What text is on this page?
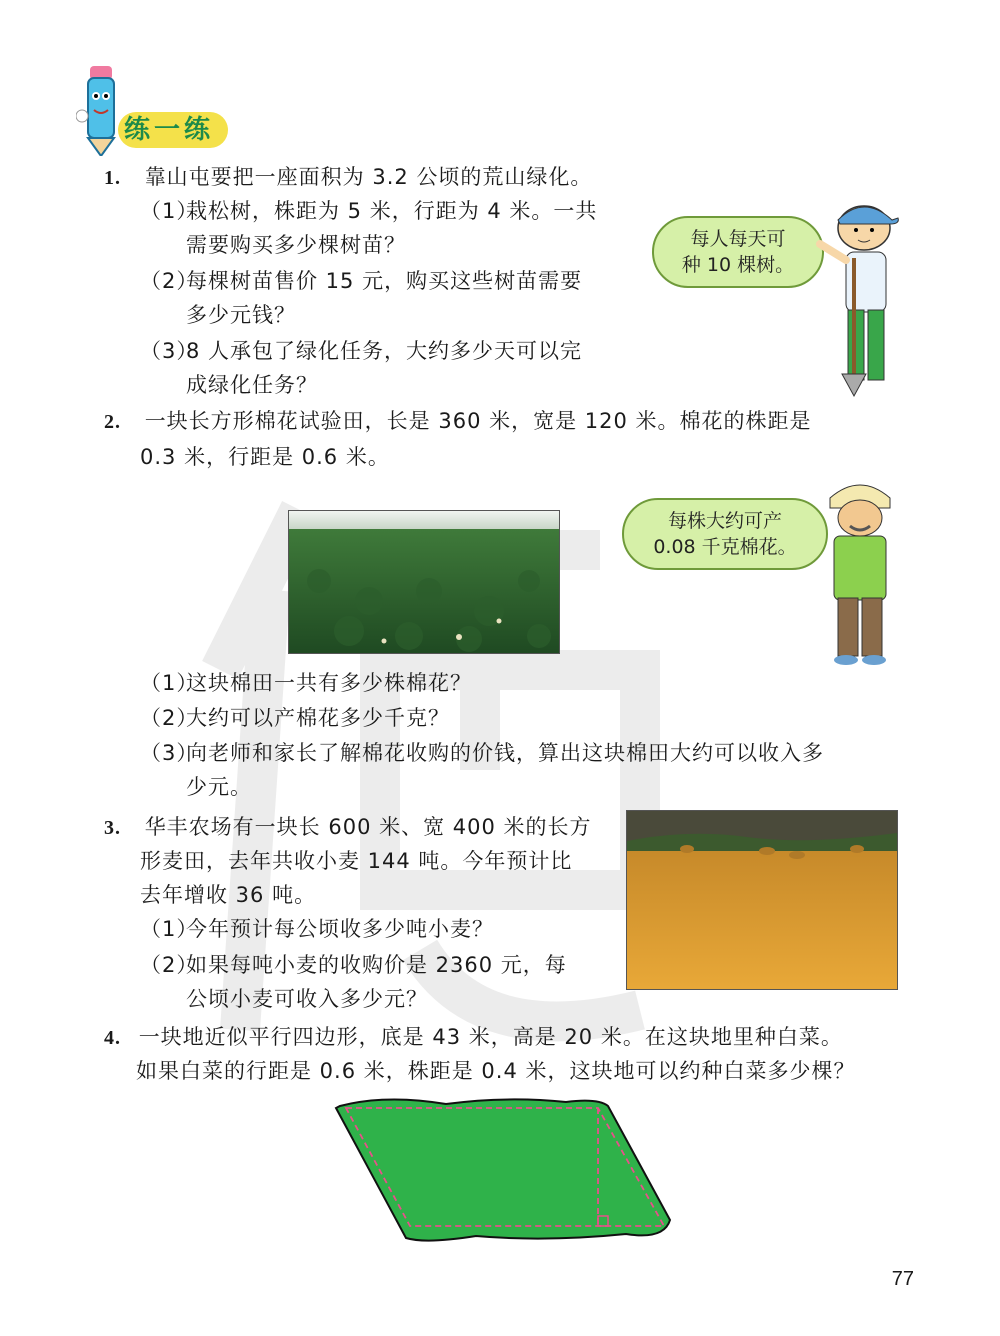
练一练
1. 靠山屯要把一座面积为 3.2 公顷的荒山绿化。
（1）栽松树，株距为 5 米，行距为 4 米。一共
需要购买多少棵树苗？
（2）每棵树苗售价 15 元，购买这些树苗需要
多少元钱？
（3）8 人承包了绿化任务，大约多少天可以完
成绿化任务？
每人每天可
种 10 棵树。
2. 一块长方形棉花试验田，长是 360 米，宽是 120 米。棉花的株距是
0.3 米，行距是 0.6 米。
每株大约可产
0.08 千克棉花。
（1）这块棉田一共有多少株棉花？
（2）大约可以产棉花多少千克？
（3）向老师和家长了解棉花收购的价钱，算出这块棉田大约可以收入多
少元。
3. 华丰农场有一块长 600 米、宽 400 米的长方
形麦田，去年共收小麦 144 吨。今年预计比
去年增收 36 吨。
（1）今年预计每公顷收多少吨小麦？
（2）如果每吨小麦的收购价是 2360 元，每
公顷小麦可收入多少元？
4. 一块地近似平行四边形，底是 43 米，高是 20 米。在这块地里种白菜。
如果白菜的行距是 0.6 米，株距是 0.4 米，这块地可以约种白菜多少棵？
77
